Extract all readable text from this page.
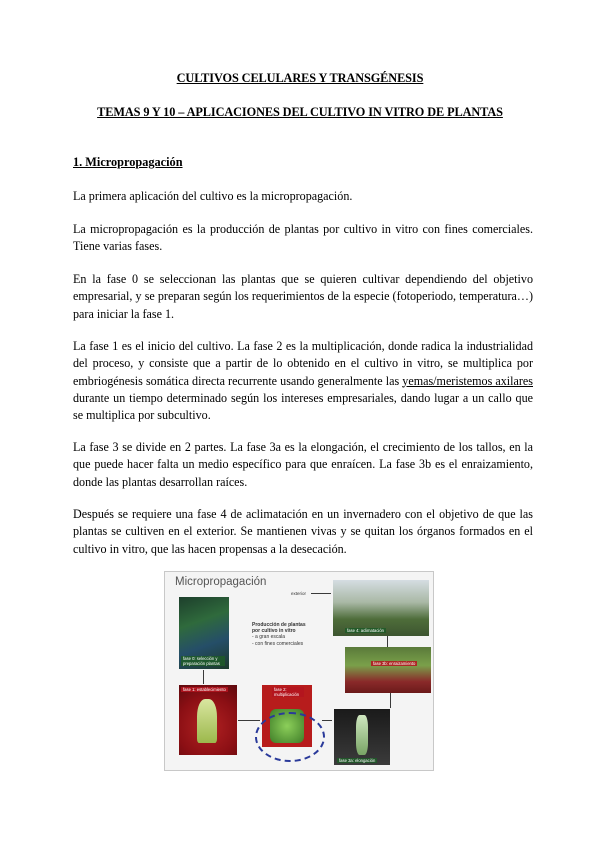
CULTIVOS CELULARES Y TRANSGÉNESIS
TEMAS 9 Y 10 – APLICACIONES DEL CULTIVO IN VITRO DE PLANTAS
1. Micropropagación
La primera aplicación del cultivo es la micropropagación.
La micropropagación es la producción de plantas por cultivo in vitro con fines comerciales. Tiene varias fases.
En la fase 0 se seleccionan las plantas que se quieren cultivar dependiendo del objetivo empresarial, y se preparan según los requerimientos de la especie (fotoperiodo, temperatura…) para iniciar la fase 1.
La fase 1 es el inicio del cultivo. La fase 2 es la multiplicación, donde radica la industrialidad del proceso, y consiste que a partir de lo obtenido en el cultivo in vitro, se multiplica por embriogénesis somática directa recurrente usando generalmente las yemas/meristemos axilares durante un tiempo determinado según los intereses empresariales, dando lugar a un callo que se multiplica por subcultivo.
La fase 3 se divide en 2 partes. La fase 3a es la elongación, el crecimiento de los tallos, en la que puede hacer falta un medio específico para que enraícen. La fase 3b es el enraizamiento, donde las plantas desarrollan raíces.
Después se requiere una fase 4 de aclimatación en un invernadero con el objetivo de que las plantas se cultiven en el exterior. Se mantienen vivas y se quitan los órganos formados en el cultivo in vitro, que las hacen propensas a la desecación.
Micropropagación
Producción de plantas
por cultivo in vitro
- a gran escala
- con fines comerciales
fase 0: selección y preparación plantas
fase 1: establecimiento	fase 2: multiplicación
fase 3a: elongación
fase 3b: enraizamiento
fase 4: aclimatación
exterior
